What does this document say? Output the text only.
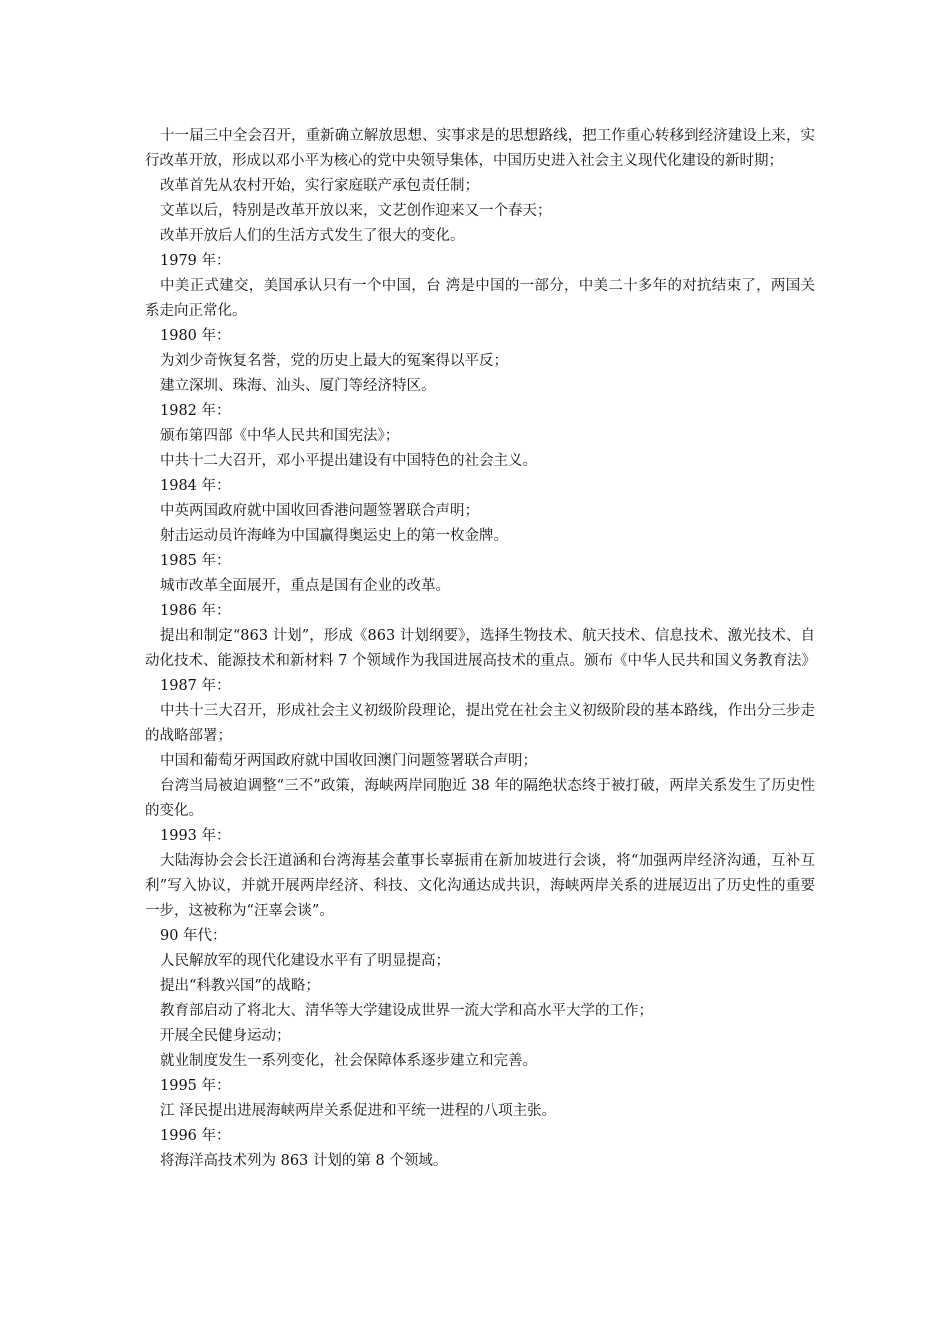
十一届三中全会召开，重新确立解放思想、实事求是的思想路线，把工作重心转移到经济建设上来，实行改革开放，形成以邓小平为核心的党中央领导集体，中国历史进入社会主义现代化建设的新时期；

改革首先从农村开始，实行家庭联产承包责任制；

文革以后，特别是改革开放以来，文艺创作迎来又一个春天；

改革开放后人们的生活方式发生了很大的变化。

1979 年：

中美正式建交，美国承认只有一个中国，台 湾是中国的一部分，中美二十多年的对抗结束了，两国关系走向正常化。

1980 年：

为刘少奇恢复名誉，党的历史上最大的冤案得以平反；

建立深圳、珠海、汕头、厦门等经济特区。

1982 年：

颁布第四部《中华人民共和国宪法》；

中共十二大召开，邓小平提出建设有中国特色的社会主义。

1984 年：

中英两国政府就中国收回香港问题签署联合声明；

射击运动员许海峰为中国赢得奥运史上的第一枚金牌。

1985 年：

城市改革全面展开，重点是国有企业的改革。

1986 年：

提出和制定“863 计划”，形成《863 计划纲要》，选择生物技术、航天技术、信息技术、激光技术、自动化技术、能源技术和新材料 7 个领域作为我国进展高技术的重点。颁布《中华人民共和国义务教育法》

1987 年：

中共十三大召开，形成社会主义初级阶段理论，提出党在社会主义初级阶段的基本路线，作出分三步走的战略部署；

中国和葡萄牙两国政府就中国收回澳门问题签署联合声明；

台湾当局被迫调整“三不”政策，海峡两岸同胞近 38 年的隔绝状态终于被打破，两岸关系发生了历史性的变化。

1993 年：

大陆海协会会长汪道涵和台湾海基会董事长辜振甫在新加坡进行会谈，将“加强两岸经济沟通，互补互利”写入协议，并就开展两岸经济、科技、文化沟通达成共识，海峡两岸关系的进展迈出了历史性的重要一步，这被称为“汪辜会谈”。

90 年代：

人民解放军的现代化建设水平有了明显提高；

提出“科教兴国”的战略；

教育部启动了将北大、清华等大学建设成世界一流大学和高水平大学的工作；

开展全民健身运动；

就业制度发生一系列变化，社会保障体系逐步建立和完善。

1995 年：

江 泽民提出进展海峡两岸关系促进和平统一进程的八项主张。

1996 年：

将海洋高技术列为 863 计划的第 8 个领域。
